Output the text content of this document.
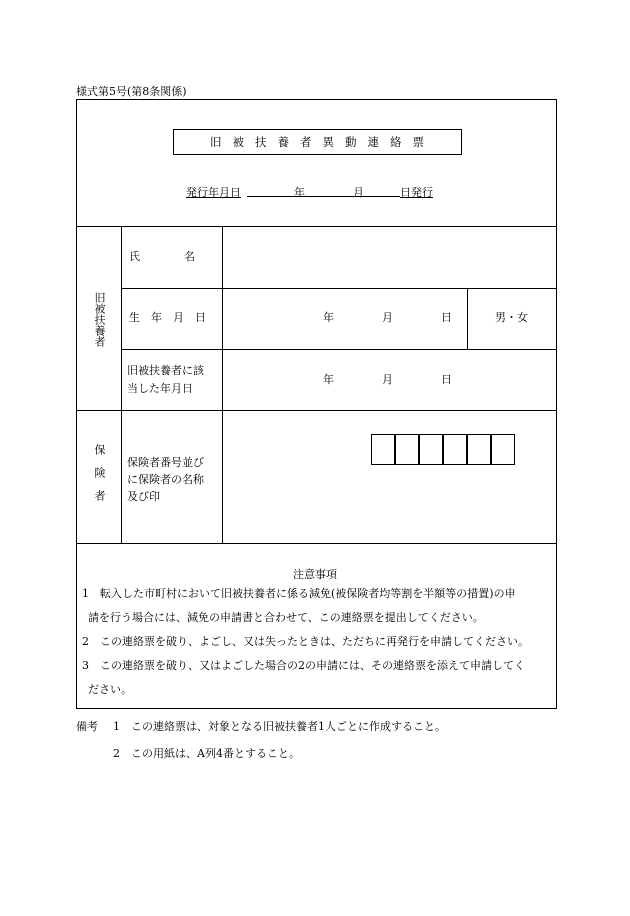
様式第5号(第8条関係)
旧被扶養者異動連絡票
発行年月日	年	月	日発行
旧被扶養者
氏　　　　名
生　年　月　日	年	月	日	男・女
旧被扶養者に該
当した年月日
年	月	日
保険者 保険者番号並び
に保険者の名称
及び印
注意事項

1　転入した市町村において旧被扶養者に係る減免(被保険者均等割を半額等の措置)の申

請を行う場合には、減免の申請書と合わせて、この連絡票を提出してください。

2　この連絡票を破り、よごし、又は失ったときは、ただちに再発行を申請してください。

3　この連絡票を破り、又はよごした場合の2の申請には、その連絡票を添えて申請してく

ださい。

備考 1　この連絡票は、対象となる旧被扶養者1人ごとに作成すること。
2　この用紙は、A列4番とすること。
